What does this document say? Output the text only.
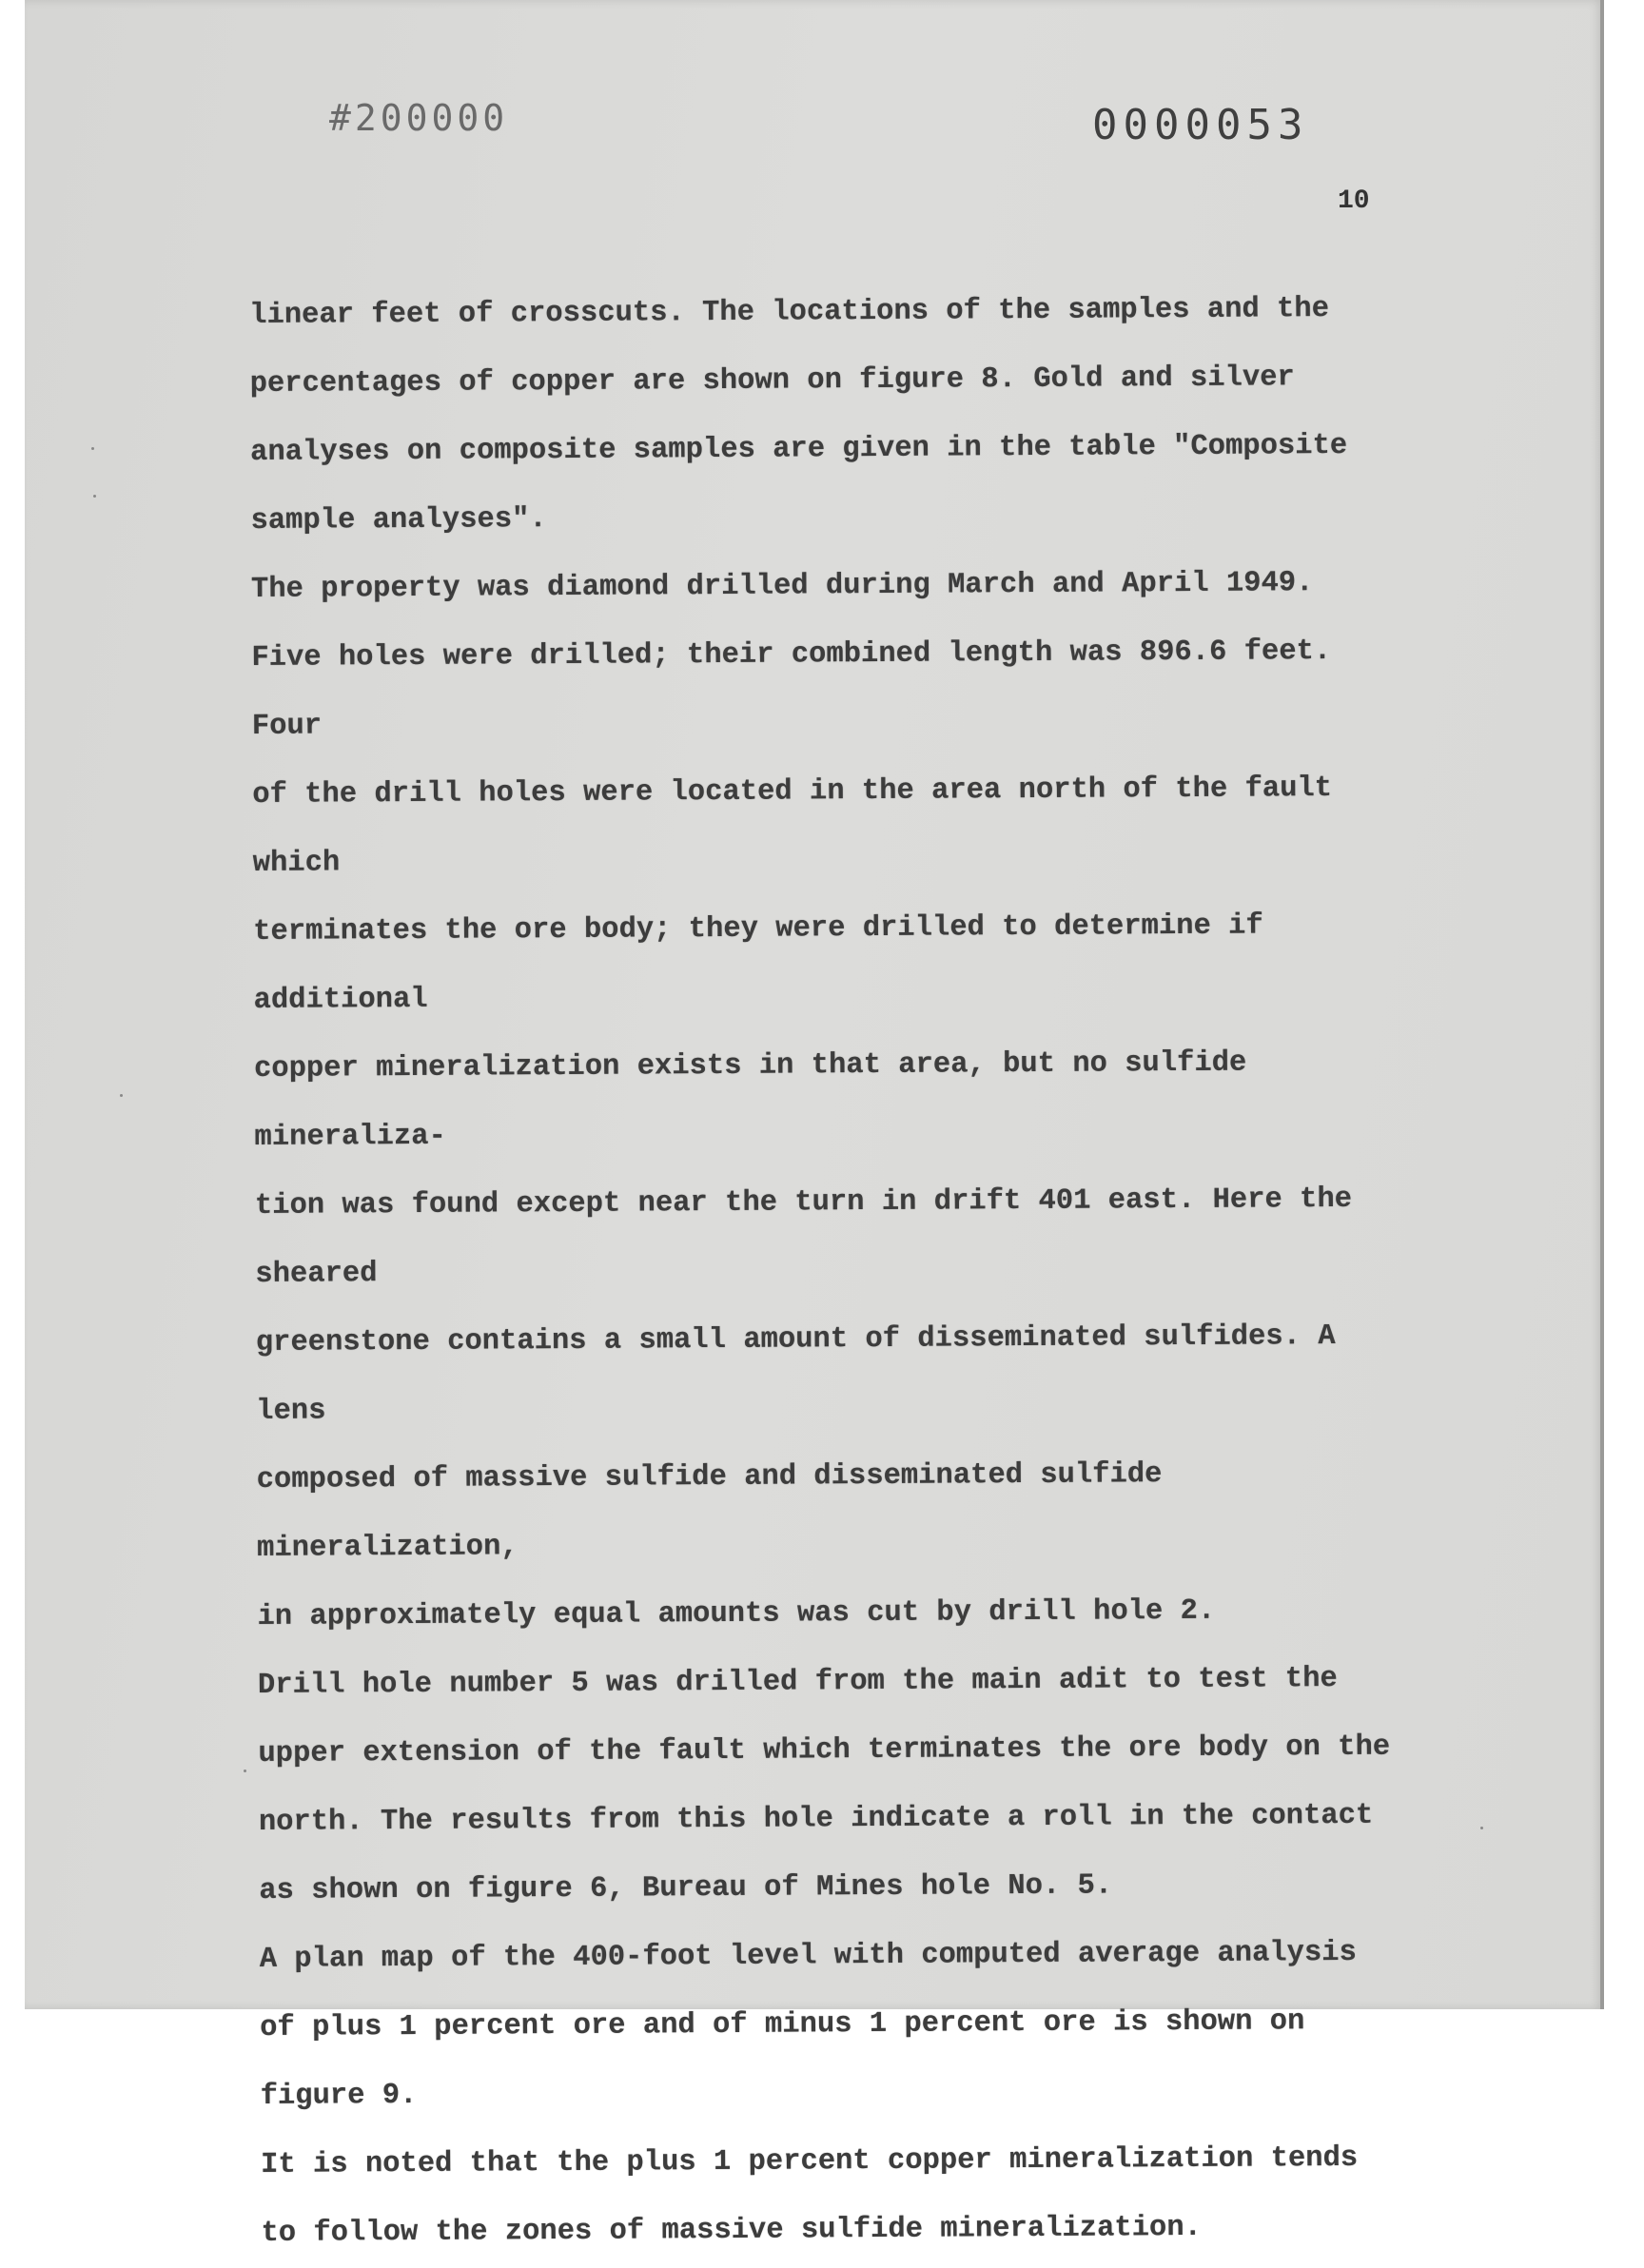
#200000	0000053
10

linear feet of crosscuts. The locations of the samples and the
percentages of copper are shown on figure 8. Gold and silver
analyses on composite samples are given in the table "Composite
sample analyses".

The property was diamond drilled during March and April 1949.
Five holes were drilled; their combined length was 896.6 feet. Four
of the drill holes were located in the area north of the fault which
terminates the ore body; they were drilled to determine if additional
copper mineralization exists in that area, but no sulfide mineraliza-
tion was found except near the turn in drift 401 east. Here the sheared
greenstone contains a small amount of disseminated sulfides. A lens
composed of massive sulfide and disseminated sulfide mineralization,
in approximately equal amounts was cut by drill hole 2.

Drill hole number 5 was drilled from the main adit to test the
upper extension of the fault which terminates the ore body on the
north. The results from this hole indicate a roll in the contact
as shown on figure 6, Bureau of Mines hole No. 5.

A plan map of the 400-foot level with computed average analysis
of plus 1 percent ore and of minus 1 percent ore is shown on figure 9.
It is noted that the plus 1 percent copper mineralization tends
to follow the zones of massive sulfide mineralization.
